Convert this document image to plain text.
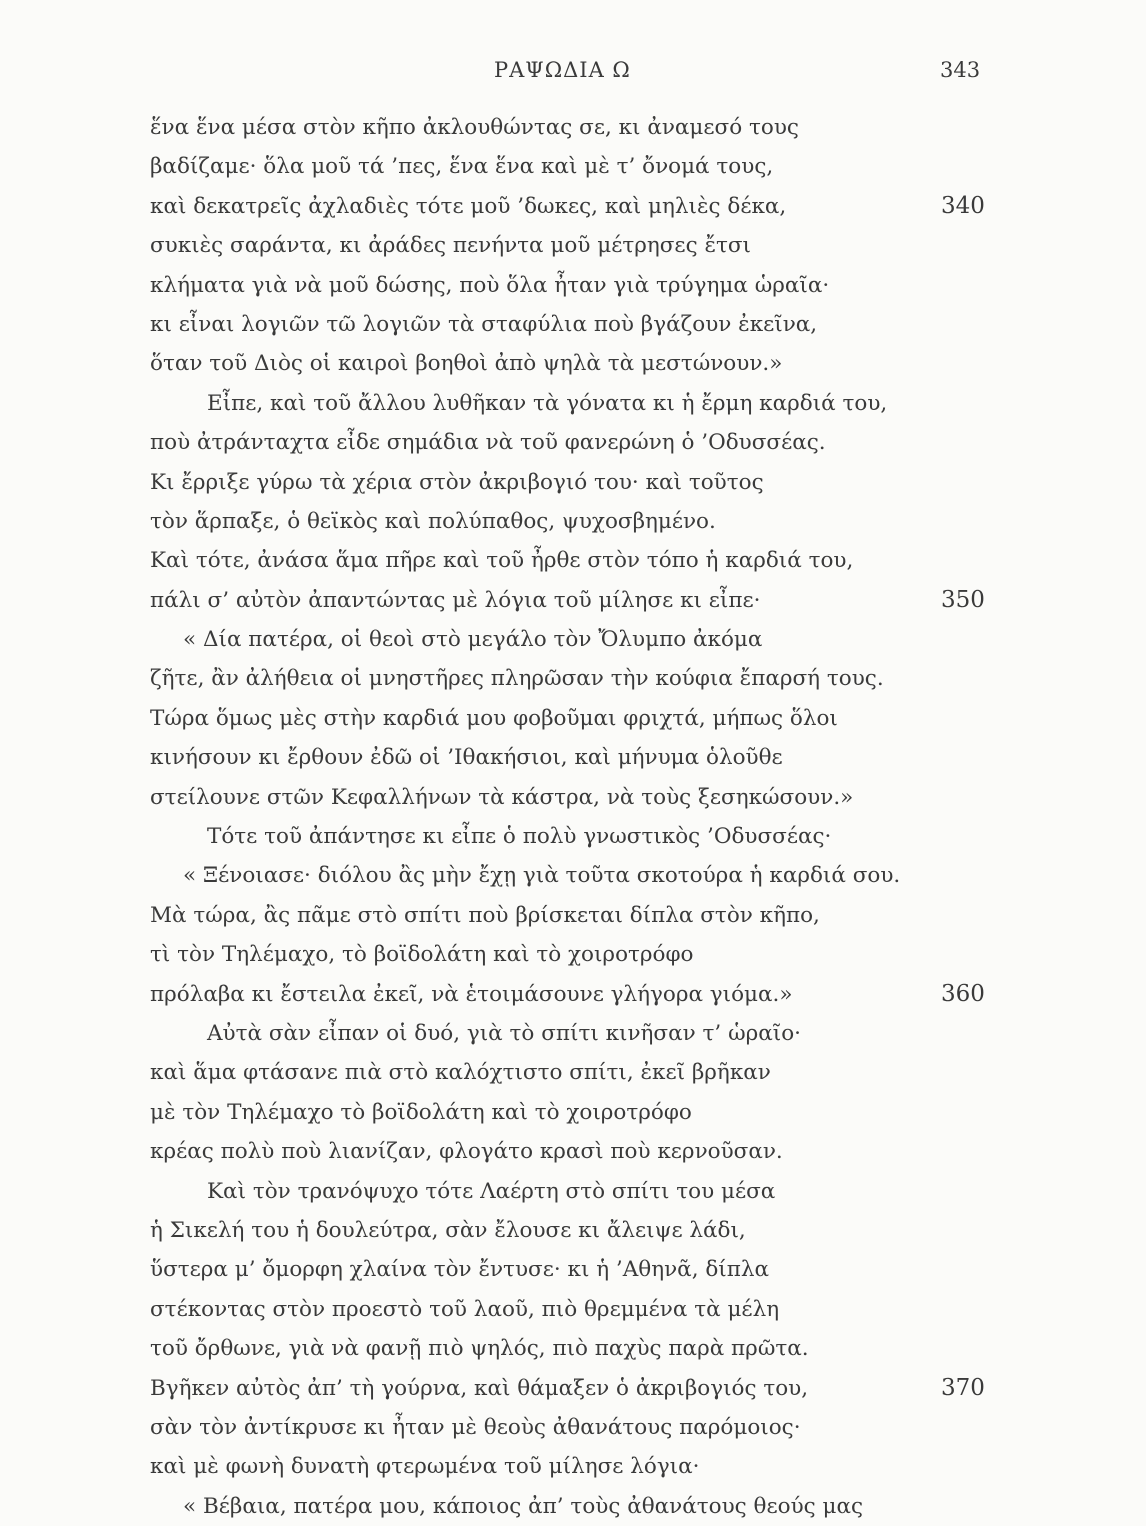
ΡΑΨΩΔΙΑ Ω	343
ἕνα ἕνα μέσα στὸν κῆπο ἀκλουθώντας σε, κι ἀναμεσό τους
βαδίζαμε· ὅλα μοῦ τά ’πες, ἕνα ἕνα καὶ μὲ τ’ ὄνομά τους,
καὶ δεκατρεῖς ἀχλαδιὲς τότε μοῦ ’δωκες, καὶ μηλιὲς δέκα,	340
συκιὲς σαράντα, κι ἀράδες πενήντα μοῦ μέτρησες ἔτσι
κλήματα γιὰ νὰ μοῦ δώσης, ποὺ ὅλα ἦταν γιὰ τρύγημα ὡραῖα·
κι εἶναι λογιῶν τῶ λογιῶν τὰ σταφύλια ποὺ βγάζουν ἐκεῖνα,
ὅταν τοῦ Διὸς οἱ καιροὶ βοηθοὶ ἀπὸ ψηλὰ τὰ μεστώνουν.»
Εἶπε, καὶ τοῦ ἄλλου λυθῆκαν τὰ γόνατα κι ἡ ἔρμη καρδιά του,
ποὺ ἀτράνταχτα εἶδε σημάδια νὰ τοῦ φανερώνη ὁ ’Οδυσσέας.
Κι ἔρριξε γύρω τὰ χέρια στὸν ἀκριβογιό του· καὶ τοῦτος
τὸν ἅρπαξε, ὁ θεϊκὸς καὶ πολύπαθος, ψυχοσβημένο.
Καὶ τότε, ἀνάσα ἅμα πῆρε καὶ τοῦ ἦρθε στὸν τόπο ἡ καρδιά του,
πάλι σ’ αὐτὸν ἀπαντώντας μὲ λόγια τοῦ μίλησε κι εἶπε·	350
« Δία πατέρα, οἱ θεοὶ στὸ μεγάλο τὸν Ὄλυμπο ἀκόμα
ζῆτε, ἂν ἀλήθεια οἱ μνηστῆρες πληρῶσαν τὴν κούφια ἔπαρσή τους.
Τώρα ὅμως μὲς στὴν καρδιά μου φοβοῦμαι φριχτά, μήπως ὅλοι
κινήσουν κι ἔρθουν ἐδῶ οἱ ’Ιθακήσιοι, καὶ μήνυμα ὁλοῦθε
στείλουνε στῶν Κεφαλλήνων τὰ κάστρα, νὰ τοὺς ξεσηκώσουν.»
Τότε τοῦ ἀπάντησε κι εἶπε ὁ πολὺ γνωστικὸς ’Οδυσσέας·
« Ξένοιασε· διόλου ἂς μὴν ἔχῃ γιὰ τοῦτα σκοτούρα ἡ καρδιά σου.
Μὰ τώρα, ἂς πᾶμε στὸ σπίτι ποὺ βρίσκεται δίπλα στὸν κῆπο,
τὶ τὸν Τηλέμαχο, τὸ βοϊδολάτη καὶ τὸ χοιροτρόφο
πρόλαβα κι ἔστειλα ἐκεῖ, νὰ ἑτοιμάσουνε γλήγορα γιόμα.»	360
Αὐτὰ σὰν εἶπαν οἱ δυό, γιὰ τὸ σπίτι κινῆσαν τ’ ὡραῖο·
καὶ ἅμα φτάσανε πιὰ στὸ καλόχτιστο σπίτι, ἐκεῖ βρῆκαν
μὲ τὸν Τηλέμαχο τὸ βοϊδολάτη καὶ τὸ χοιροτρόφο
κρέας πολὺ ποὺ λιανίζαν, φλογάτο κρασὶ ποὺ κερνοῦσαν.
Καὶ τὸν τρανόψυχο τότε Λαέρτη στὸ σπίτι του μέσα
ἡ Σικελή του ἡ δουλεύτρα, σὰν ἔλουσε κι ἄλειψε λάδι,
ὕστερα μ’ ὄμορφη χλαίνα τὸν ἔντυσε· κι ἡ ’Αθηνᾶ, δίπλα
στέκοντας στὸν προεστὸ τοῦ λαοῦ, πιὸ θρεμμένα τὰ μέλη
τοῦ ὄρθωνε, γιὰ νὰ φανῇ πιὸ ψηλός, πιὸ παχὺς παρὰ πρῶτα.
Βγῆκεν αὐτὸς ἀπ’ τὴ γούρνα, καὶ θάμαξεν ὁ ἀκριβογιός του,	370
σὰν τὸν ἀντίκρυσε κι ἦταν μὲ θεοὺς ἀθανάτους παρόμοιος·
καὶ μὲ φωνὴ δυνατὴ φτερωμένα τοῦ μίλησε λόγια·
« Βέβαια, πατέρα μου, κάποιος ἀπ’ τοὺς ἀθανάτους θεούς μας
